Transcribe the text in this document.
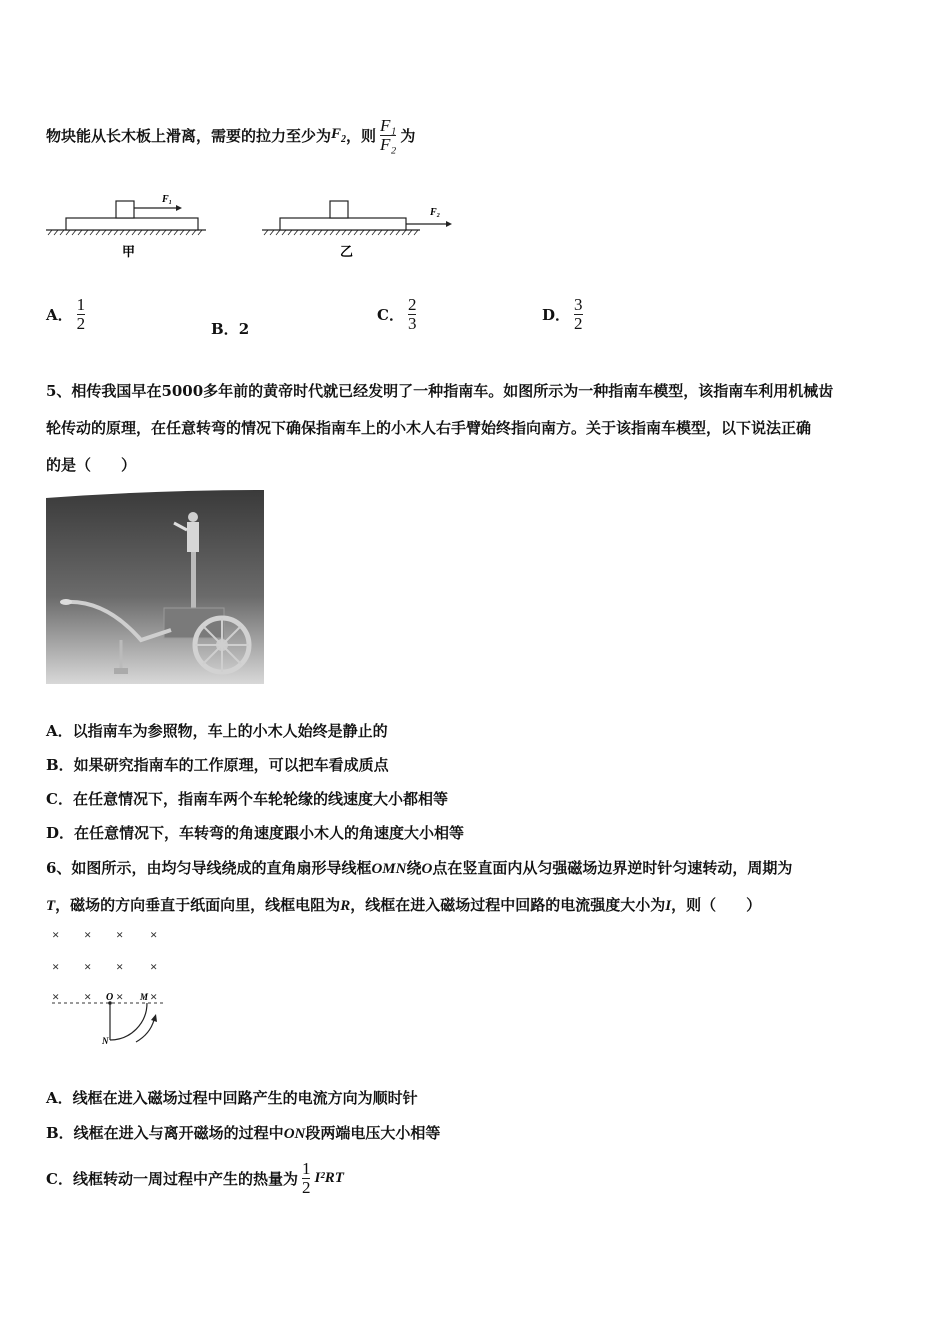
物块能从长木板上滑离，需要的拉力至少为 $F_2$ ，则 $\frac{\text{F₁}}{\text{F₂}}$ 为
F₁
甲
F₂
乙
A． $\frac{1}{2}$	B． 2
C． $\frac{2}{3}$	D． $\frac{3}{2}$
5、相传我国早在5000多年前的黄帝时代就已经发明了一种指南车。如图所示为一种指南车模型，该指南车利用机械齿
轮传动的原理，在任意转弯的情况下确保指南车上的小木人右手臂始终指向南方。关于该指南车模型，以下说法正确
的是（　　）
A．以指南车为参照物，车上的小木人始终是静止的
B．如果研究指南车的工作原理，可以把车看成质点
C．在任意情况下，指南车两个车轮轮缘的线速度大小都相等
D．在任意情况下，车转弯的角速度跟小木人的角速度大小相等
6、如图所示，由均匀导线绕成的直角扇形导线框OMN绕O点在竖直面内从匀强磁场边界逆时针匀速转动，周期为
T，磁场的方向垂直于纸面向里，线框电阻为R，线框在进入磁场过程中回路的电流强度大小为I，则（　　）
× × × ×
× × × ×
× × × ×
O	M
N
A．线框在进入磁场过程中回路产生的电流方向为顺时针
B．线框在进入与离开磁场的过程中ON段两端电压大小相等
C．线框转动一周过程中产生的热量为 $\frac{1}{2} I^2RT$
